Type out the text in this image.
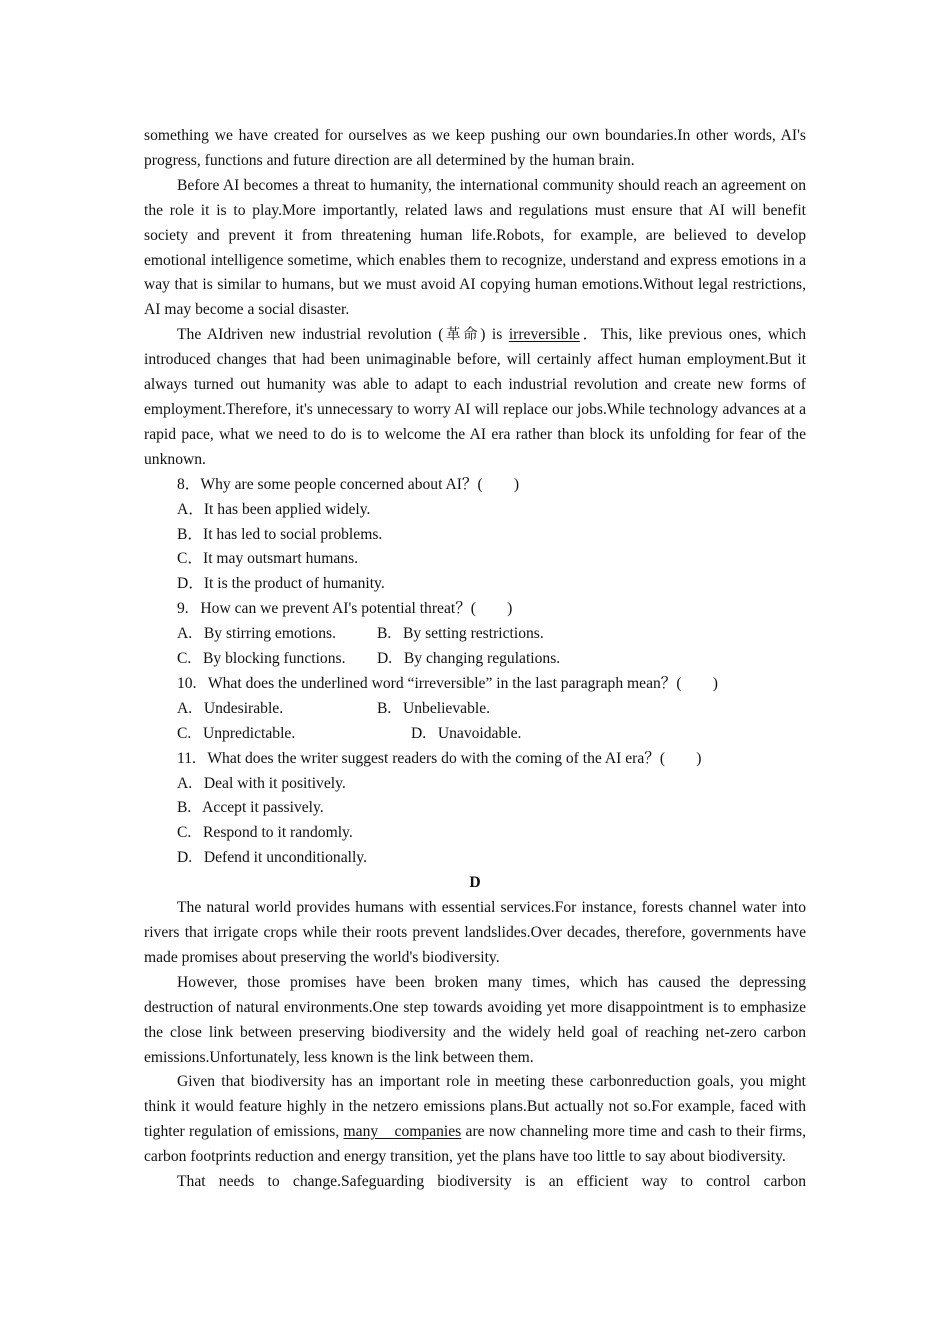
something we have created for ourselves as we keep pushing our own boundaries.In other words, AI's progress, functions and future direction are all determined by the human brain.

Before AI becomes a threat to humanity, the international community should reach an agreement on the role it is to play.More importantly, related laws and regulations must ensure that AI will benefit society and prevent it from threatening human life.Robots, for example, are believed to develop emotional intelligence sometime, which enables them to recognize, understand and express emotions in a way that is similar to humans, but we must avoid AI copying human emotions.Without legal restrictions, AI may become a social disaster.

The AIdriven new industrial revolution (革命) is irreversible．This, like previous ones, which introduced changes that had been unimaginable before, will certainly affect human employment.But it always turned out humanity was able to adapt to each industrial revolution and create new forms of employment.Therefore, it's unnecessary to worry AI will replace our jobs.While technology advances at a rapid pace, what we need to do is to welcome the AI era rather than block its unfolding for fear of the unknown.

8．Why are some people concerned about AI？(　　)
A．It has been applied widely.
B．It has led to social problems.
C．It may outsmart humans.
D．It is the product of humanity.
9.   How can we prevent AI's potential threat？(　　)
A.   By stirring emotions.	B.   By setting restrictions.
C.   By blocking functions.	D.   By changing regulations.
10.   What does the underlined word “irreversible” in the last paragraph mean？(　　)
A.   Undesirable.	B.   Unbelievable.
C.   Unpredictable.	D.   Unavoidable.
11.   What does the writer suggest readers do with the coming of the AI era？(　　)
A.   Deal with it positively.
B.   Accept it passively.
C.   Respond to it randomly.
D.   Defend it unconditionally.
D

The natural world provides humans with essential services.For instance, forests channel water into rivers that irrigate crops while their roots prevent landslides.Over decades, therefore, governments have made promises about preserving the world's biodiversity.

However, those promises have been broken many times, which has caused the depressing destruction of natural environments.One step towards avoiding yet more disappointment is to emphasize the close link between preserving biodiversity and the widely held goal of reaching net-zero carbon emissions.Unfortunately, less known is the link between them.

Given that biodiversity has an important role in meeting these carbonreduction goals, you might think it would feature highly in the netzero emissions plans.But actually not so.For example, faced with tighter regulation of emissions, many　companies are now channeling more time and cash to their firms, carbon footprints reduction and energy transition, yet the plans have too little to say about biodiversity.

That needs to change.Safeguarding biodiversity is an efficient way to control carbon
